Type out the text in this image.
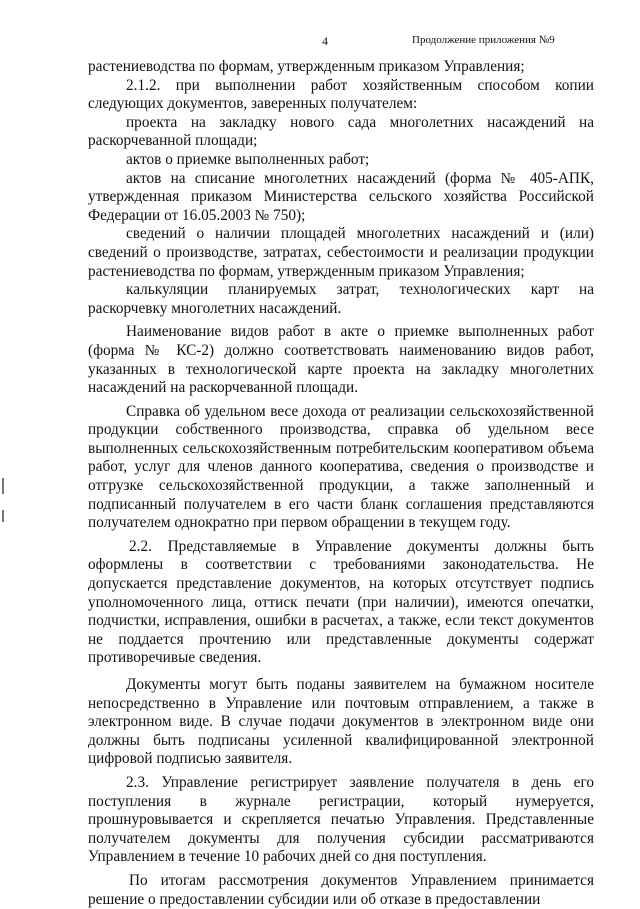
4	Продолжение приложения №9

растениеводства по формам, утвержденным приказом Управления;

2.1.2. при выполнении работ хозяйственным способом копии следующих документов, заверенных получателем:

проекта на закладку нового сада многолетних насаждений на раскорчеванной площади;

актов о приемке выполненных работ;

актов на списание многолетних насаждений (форма № 405-АПК, утвержденная приказом Министерства сельского хозяйства Российской Федерации от 16.05.2003 № 750);

сведений о наличии площадей многолетних насаждений и (или) сведений о производстве, затратах, себестоимости и реализации продукции растениеводства по формам, утвержденным приказом Управления;

калькуляции планируемых затрат, технологических карт на раскорчевку многолетних насаждений.

Наименование видов работ в акте о приемке выполненных работ (форма № КС-2) должно соответствовать наименованию видов работ, указанных в технологической карте проекта на закладку многолетних насаждений на раскорчеванной площади.

Справка об удельном весе дохода от реализации сельскохозяйственной продукции собственного производства, справка об удельном весе выполненных сельскохозяйственным потребительским кооперативом объема работ, услуг для членов данного кооператива, сведения о производстве и отгрузке сельскохозяйственной продукции, а также заполненный и подписанный получателем в его части бланк соглашения представляются получателем однократно при первом обращении в текущем году.

2.2. Представляемые в Управление документы должны быть оформлены в соответствии с требованиями законодательства. Не допускается представление документов, на которых отсутствует подпись уполномоченного лица, оттиск печати (при наличии), имеются опечатки, подчистки, исправления, ошибки в расчетах, а также, если текст документов не поддается прочтению или представленные документы содержат противоречивые сведения.

Документы могут быть поданы заявителем на бумажном носителе непосредственно в Управление или почтовым отправлением, а также в электронном виде. В случае подачи документов в электронном виде они должны быть подписаны усиленной квалифицированной электронной цифровой подписью заявителя.

2.3. Управление регистрирует заявление получателя в день его поступления в журнале регистрации, который нумеруется, прошнуровывается и скрепляется печатью Управления. Представленные получателем документы для получения субсидии рассматриваются Управлением в течение 10 рабочих дней со дня поступления.

По итогам рассмотрения документов Управлением принимается решение о предоставлении субсидии или об отказе в предоставлении
